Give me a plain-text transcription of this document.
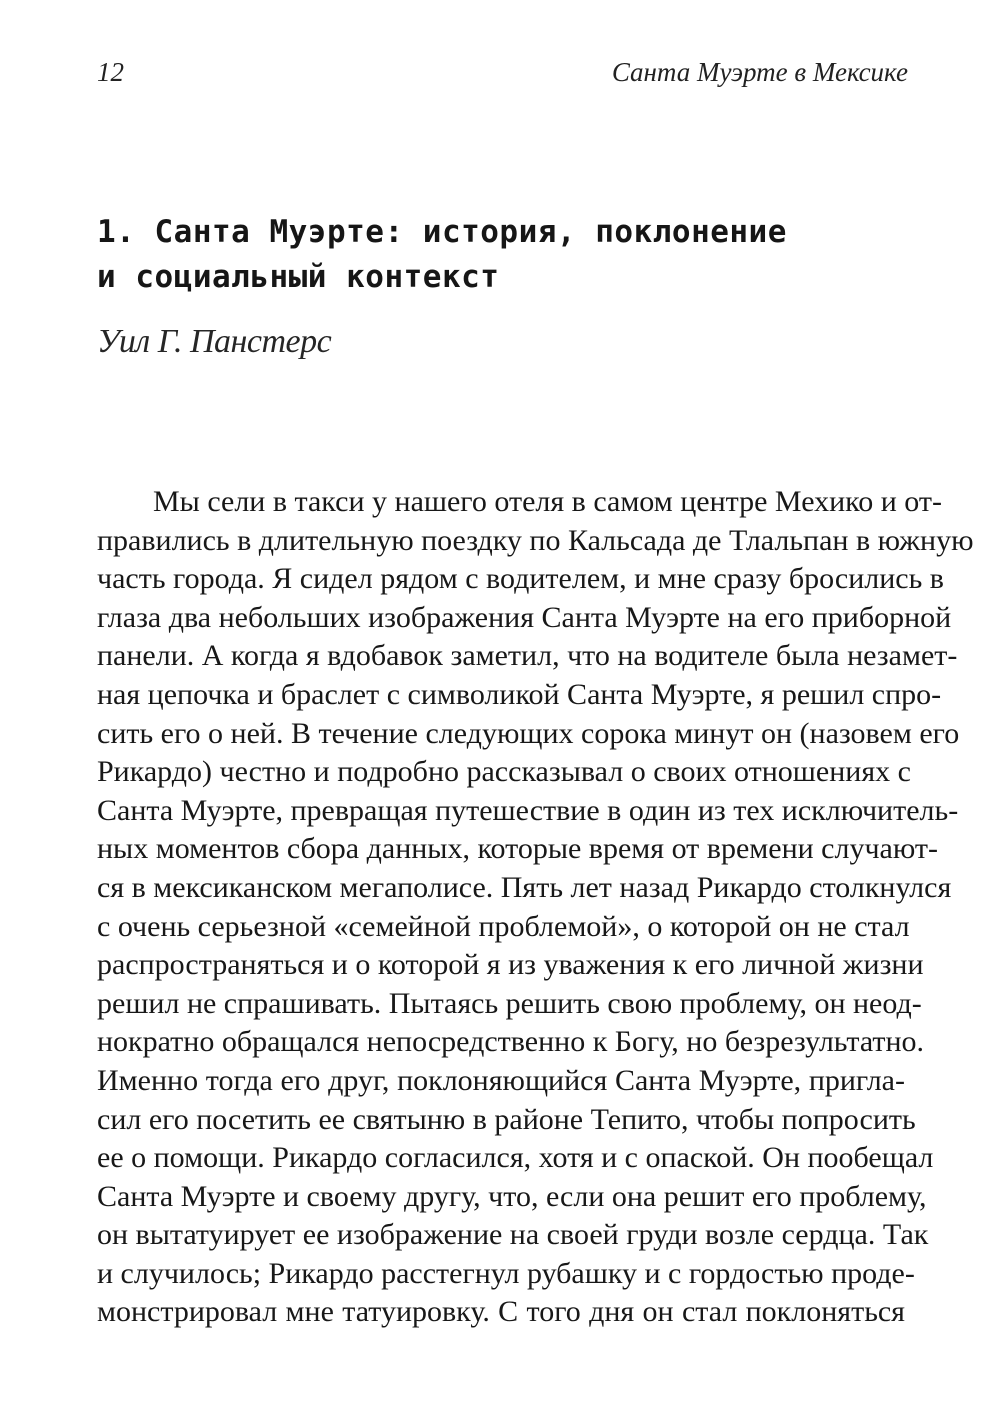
12	Санта Муэрте в Мексике
1. Санта Муэрте: история, поклонение
и социальный контекст
Уил Г. Панстерс
Мы сели в такси у нашего отеля в самом центре Мехико и от-
правились в длительную поездку по Кальсада де Тлальпан в южную
часть города. Я сидел рядом с водителем, и мне сразу бросились в
глаза два небольших изображения Санта Муэрте на его приборной
панели. А когда я вдобавок заметил, что на водителе была незамет-
ная цепочка и браслет с символикой Санта Муэрте, я решил спро-
сить его о ней. В течение следующих сорока минут он (назовем его
Рикардо) честно и подробно рассказывал о своих отношениях с
Санта Муэрте, превращая путешествие в один из тех исключитель-
ных моментов сбора данных, которые время от времени случают-
ся в мексиканском мегаполисе. Пять лет назад Рикардо столкнулся
с очень серьезной «семейной проблемой», о которой он не стал
распространяться и о которой я из уважения к его личной жизни
решил не спрашивать. Пытаясь решить свою проблему, он неод-
нократно обращался непосредственно к Богу, но безрезультатно.
Именно тогда его друг, поклоняющийся Санта Муэрте, пригла-
сил его посетить ее святыню в районе Тепито, чтобы попросить
ее о помощи. Рикардо согласился, хотя и с опаской. Он пообещал
Санта Муэрте и своему другу, что, если она решит его проблему,
он вытатуирует ее изображение на своей груди возле сердца. Так
и случилось; Рикардо расстегнул рубашку и с гордостью проде-
монстрировал мне татуировку. С того дня он стал поклоняться
